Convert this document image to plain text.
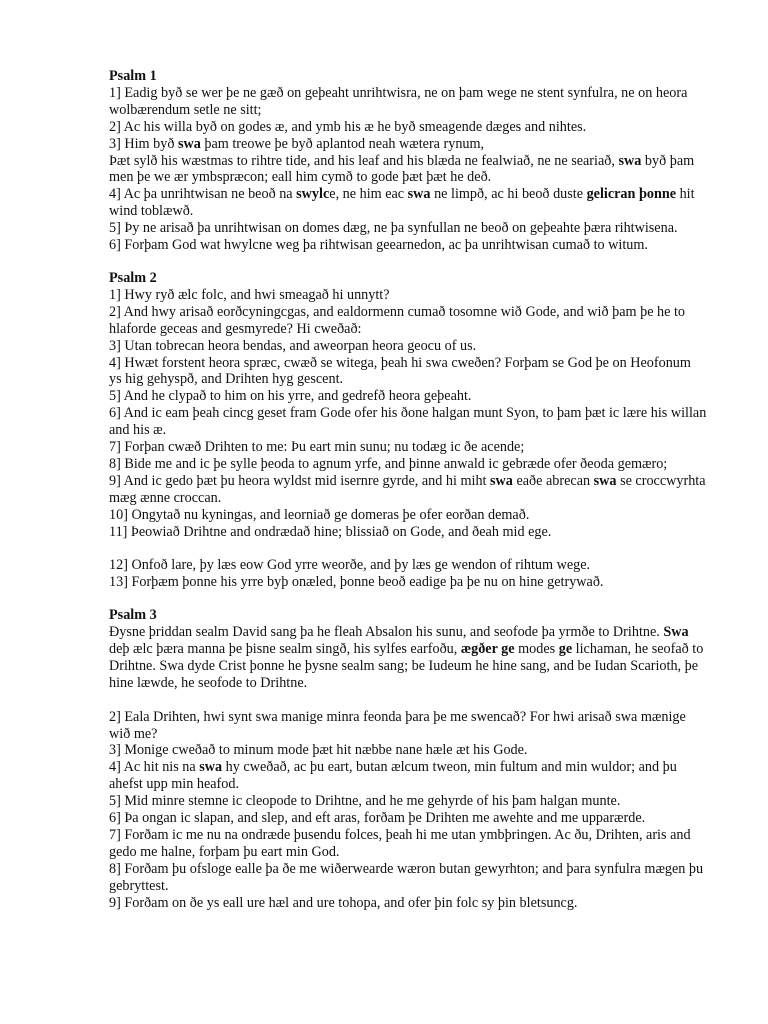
Psalm 1

1] Eadig byð se wer þe ne gæð on geþeaht unrihtwisra, ne on þam wege ne stent synfulra, ne on heora wolbærendum setle ne sitt;

2] Ac his willa byð on godes æ, and ymb his æ he byð smeagende dæges and nihtes.

3] Him byð swa þam treowe þe byð aplantod neah wætera rynum,

Þæt sylð his wæstmas to rihtre tide, and his leaf and his blæda ne fealwiað, ne ne seariað, swa byð þam men þe we ær ymbspræcon; eall him cymð to gode þæt þæt he deð.

4] Ac þa unrihtwisan ne beoð na swylce, ne him eac swa ne limpð, ac hi beoð duste gelicran þonne hit wind toblæwð.

5] Þy ne arisað þa unrihtwisan on domes dæg, ne þa synfullan ne beoð on geþeahte þæra rihtwisena.

6] Forþam God wat hwylcne weg þa rihtwisan geearnedon, ac þa unrihtwisan cumað to witum.

Psalm 2

1] Hwy ryð ælc folc, and hwi smeagað hi unnytt?

2] And hwy arisað eorðcyningcgas, and ealdormenn cumað tosomne wið Gode, and wið þam þe he to hlaforde geceas and gesmyrede? Hi cweðað:

3] Utan tobrecan heora bendas, and aweorpan heora geocu of us.

4] Hwæt forstent heora spræc, cwæð se witega, þeah hi swa cweðen? Forþam se God þe on Heofonum ys hig gehyspð, and Drihten hyg gescent.

5] And he clypað to him on his yrre, and gedrefð heora geþeaht.

6] And ic eam þeah cincg geset fram Gode ofer his ðone halgan munt Syon, to þam þæt ic lære his willan and his æ.

7] Forþan cwæð Drihten to me: Þu eart min sunu; nu todæg ic ðe acende;

8] Bide me and ic þe sylle þeoda to agnum yrfe, and þinne anwald ic gebræde ofer ðeoda gemæro;

9] And ic gedo þæt þu heora wyldst mid isernre gyrde, and hi miht swa eaðe abrecan swa se croccwyrhta mæg ænne croccan.

10] Ongytað nu kyningas, and leorniað ge domeras þe ofer eorðan demað.

11] Þeowiað Drihtne and ondrædað hine; blissiað on Gode, and ðeah mid ege.

12] Onfoð lare, þy læs eow God yrre weorðe, and þy læs ge wendon of rihtum wege.

13] Forþæm þonne his yrre byþ onæled, þonne beoð eadige þa þe nu on hine getrywað.

Psalm 3

Ðysne þriddan sealm David sang þa he fleah Absalon his sunu, and seofode þa yrmðe to Drihtne. Swa deþ ælc þæra manna þe þisne sealm singð, his sylfes earfoðu, ægðer ge modes ge lichaman, he seofað to Drihtne. Swa dyde Crist þonne he þysne sealm sang; be Iudeum he hine sang, and be Iudan Scarioth, þe hine læwde, he seofode to Drihtne.

2] Eala Drihten, hwi synt swa manige minra feonda þara þe me swencað? For hwi arisað swa mænige wið me?

3] Monige cweðað to minum mode þæt hit næbbe nane hæle æt his Gode.

4] Ac hit nis na swa hy cweðað, ac þu eart, butan ælcum tweon, min fultum and min wuldor; and þu ahefst upp min heafod.

5] Mid minre stemne ic cleopode to Drihtne, and he me gehyrde of his þam halgan munte.

6] Þa ongan ic slapan, and slep, and eft aras, forðam þe Drihten me awehte and me upparærde.

7] Forðam ic me nu na ondræde þusendu folces, þeah hi me utan ymbþringen. Ac ðu, Drihten, aris and gedo me halne, forþam þu eart min God.

8] Forðam þu ofsloge ealle þa ðe me wiðerwearde wæron butan gewyrhton; and þara synfulra mægen þu gebryttest.

9] Forðam on ðe ys eall ure hæl and ure tohopa, and ofer þin folc sy þin bletsuncg.
